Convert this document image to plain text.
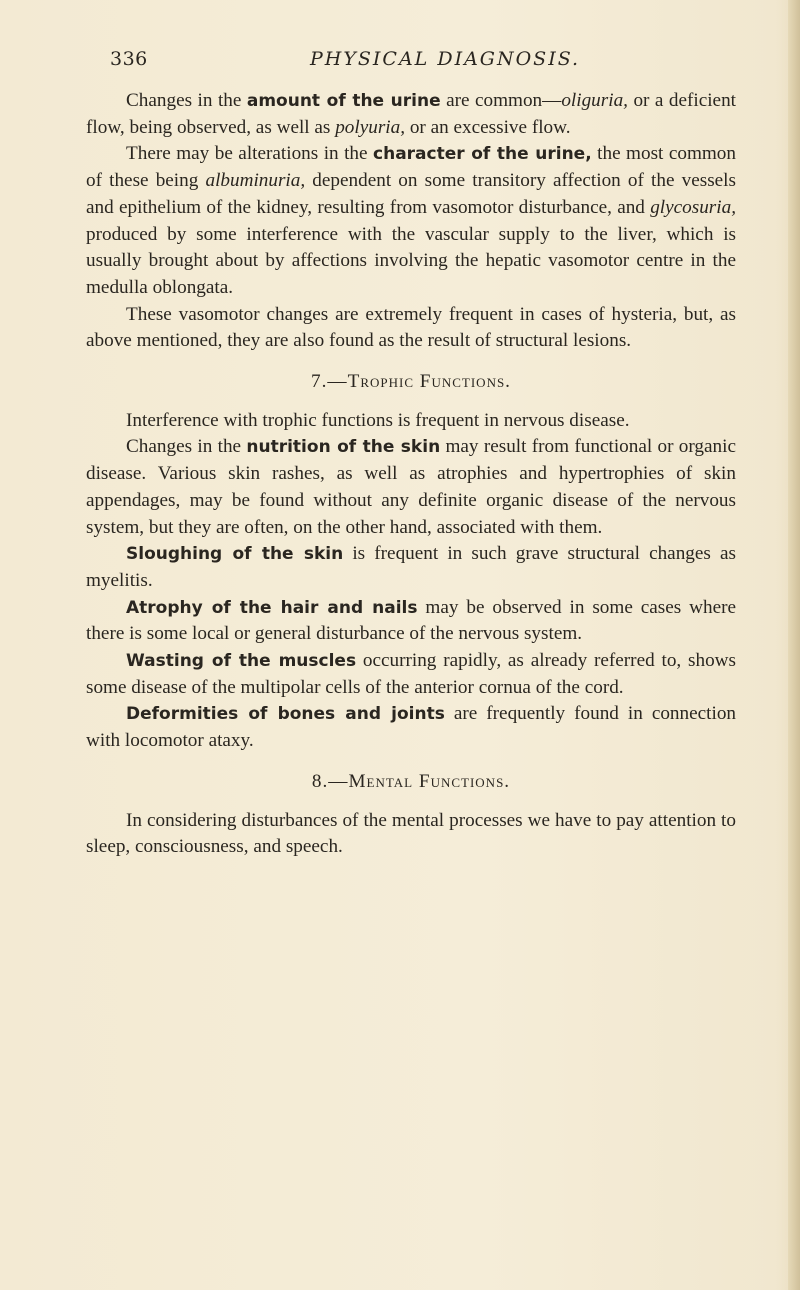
336	PHYSICAL DIAGNOSIS.

Changes in the amount of the urine are common—oliguria, or a deficient flow, being observed, as well as polyuria, or an excessive flow.

There may be alterations in the character of the urine, the most common of these being albuminuria, dependent on some transitory affection of the vessels and epithelium of the kidney, resulting from vasomotor disturbance, and glycosuria, produced by some interference with the vascular supply to the liver, which is usually brought about by affections involving the hepatic vasomotor centre in the medulla oblongata.

These vasomotor changes are extremely frequent in cases of hysteria, but, as above mentioned, they are also found as the result of structural lesions.

7.—Trophic Functions.

Interference with trophic functions is frequent in nervous disease.

Changes in the nutrition of the skin may result from functional or organic disease. Various skin rashes, as well as atrophies and hypertrophies of skin appendages, may be found without any definite organic disease of the nervous system, but they are often, on the other hand, associated with them.

Sloughing of the skin is frequent in such grave structural changes as myelitis.

Atrophy of the hair and nails may be observed in some cases where there is some local or general disturbance of the nervous system.

Wasting of the muscles occurring rapidly, as already referred to, shows some disease of the multipolar cells of the anterior cornua of the cord.

Deformities of bones and joints are frequently found in connection with locomotor ataxy.

8.—Mental Functions.

In considering disturbances of the mental processes we have to pay attention to sleep, consciousness, and speech.
